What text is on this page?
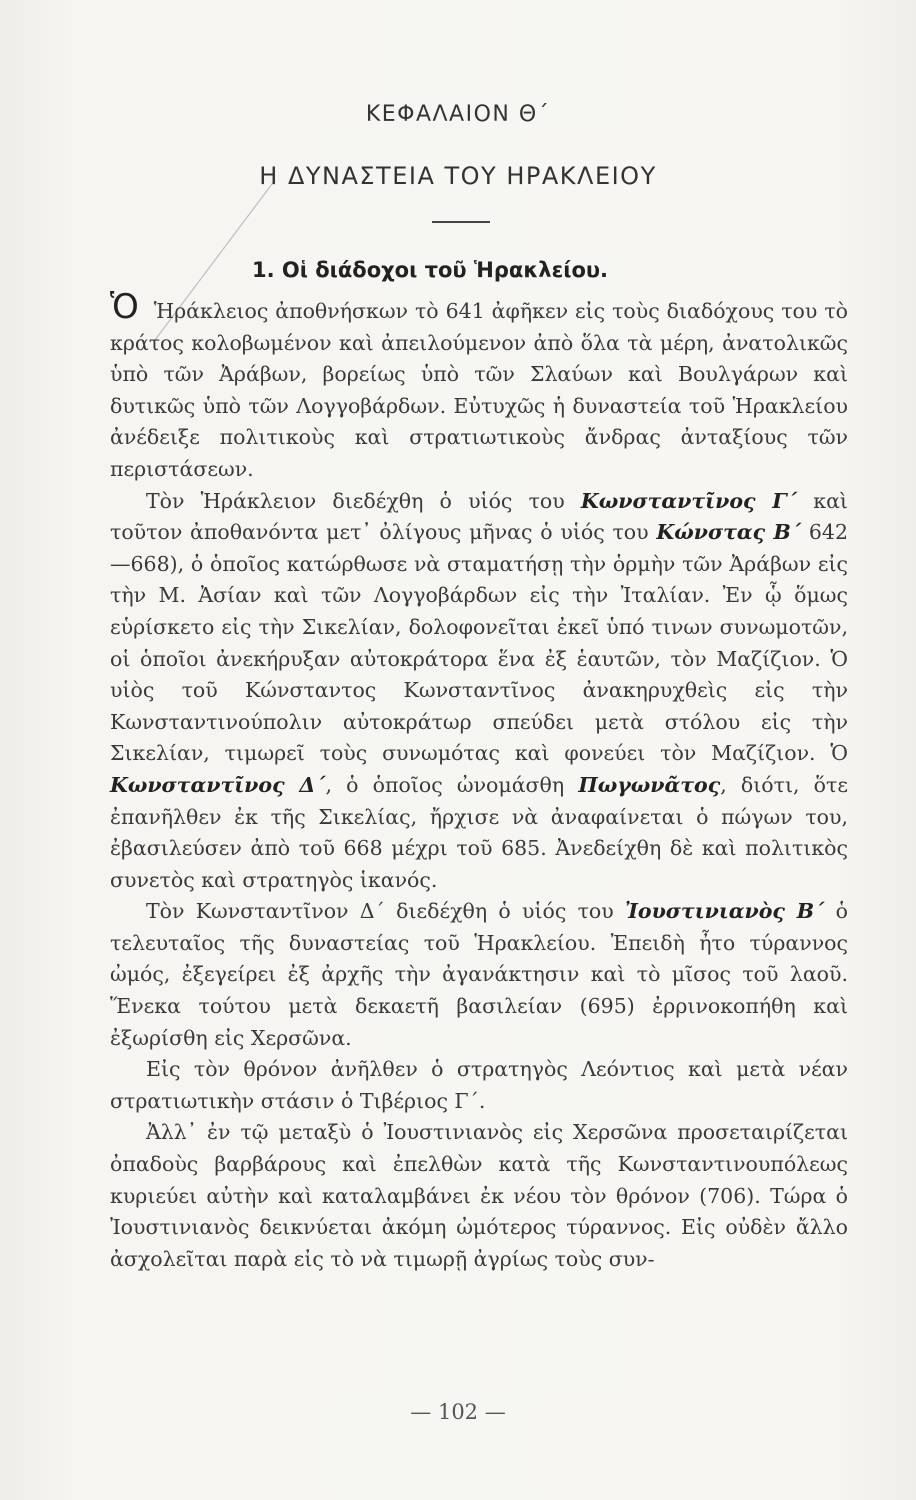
ΚΕΦΑΛΑΙΟΝ Θ΄
Η ΔΥΝΑΣΤΕΙΑ ΤΟΥ ΗΡΑΚΛΕΙΟΥ
1. Οἱ διάδοχοι τοῦ Ἡρακλείου.

Ὁ Ἡράκλειος ἀποθνήσκων τὸ 641 ἀφῆκεν εἰς τοὺς διαδόχους του τὸ κράτος κολοβωμένον καὶ ἀπειλούμενον ἀπὸ ὅλα τὰ μέρη, ἀνατολικῶς ὑπὸ τῶν Ἀράβων, βορείως ὑπὸ τῶν Σλαύων καὶ Βουλγάρων καὶ δυτικῶς ὑπὸ τῶν Λογγοβάρδων. Εὐτυχῶς ἡ δυναστεία τοῦ Ἡρακλείου ἀνέδειξε πολιτικοὺς καὶ στρατιωτικοὺς ἄνδρας ἀνταξίους τῶν περιστάσεων.

Τὸν Ἡράκλειον διεδέχθη ὁ υἱός του Κωνσταντῖνος Γ΄ καὶ τοῦτον ἀποθανόντα μετ᾿ ὀλίγους μῆνας ὁ υἱός του Κώνστας Β΄ 642—668), ὁ ὁποῖος κατώρθωσε νὰ σταματήσῃ τὴν ὁρμὴν τῶν Ἀράβων εἰς τὴν Μ. Ἀσίαν καὶ τῶν Λογγοβάρδων εἰς τὴν Ἰταλίαν. Ἐν ᾧ ὅμως εὑρίσκετο εἰς τὴν Σικελίαν, δολοφονεῖται ἐκεῖ ὑπό τινων συνωμοτῶν, οἱ ὁποῖοι ἀνεκήρυξαν αὐτοκράτορα ἕνα ἐξ ἑαυτῶν, τὸν Μαζίζιον. Ὁ υἱὸς τοῦ Κώνσταντος Κωνσταντῖνος ἀνακηρυχθεὶς εἰς τὴν Κωνσταντινούπολιν αὐτοκράτωρ σπεύδει μετὰ στόλου εἰς τὴν Σικελίαν, τιμωρεῖ τοὺς συνωμότας καὶ φονεύει τὸν Μαζίζιον. Ὁ Κωνσταντῖνος Δ΄, ὁ ὁποῖος ὠνομάσθη Πωγωνᾶτος, διότι, ὅτε ἐπανῆλθεν ἐκ τῆς Σικελίας, ἤρχισε νὰ ἀναφαίνεται ὁ πώγων του, ἐβασιλεύσεν ἀπὸ τοῦ 668 μέχρι τοῦ 685. Ἀνεδείχθη δὲ καὶ πολιτικὸς συνετὸς καὶ στρατηγὸς ἱκανός.

Τὸν Κωνσταντῖνον Δ΄ διεδέχθη ὁ υἱός του Ἰουστινιανὸς Β΄ ὁ τελευταῖος τῆς δυναστείας τοῦ Ἡρακλείου. Ἐπειδὴ ἦτο τύραννος ὠμός, ἐξεγείρει ἐξ ἀρχῆς τὴν ἀγανάκτησιν καὶ τὸ μῖσος τοῦ λαοῦ. Ἕνεκα τούτου μετὰ δεκαετῆ βασιλείαν (695) ἐρρινοκοπήθη καὶ ἐξωρίσθη εἰς Χερσῶνα.

Εἰς τὸν θρόνον ἀνῆλθεν ὁ στρατηγὸς Λεόντιος καὶ μετὰ νέαν στρατιωτικὴν στάσιν ὁ Τιβέριος Γ΄.

Ἀλλ᾿ ἐν τῷ μεταξὺ ὁ Ἰουστινιανὸς εἰς Χερσῶνα προσεταιρίζεται ὀπαδοὺς βαρβάρους καὶ ἐπελθὼν κατὰ τῆς Κωνσταντινουπόλεως κυριεύει αὐτὴν καὶ καταλαμβάνει ἐκ νέου τὸν θρόνον (706). Τώρα ὁ Ἰουστινιανὸς δεικνύεται ἀκόμη ὠμότερος τύραννος. Εἰς οὐδὲν ἄλλο ἀσχολεῖται παρὰ εἰς τὸ νὰ τιμωρῇ ἀγρίως τοὺς συν-

— 102 —
